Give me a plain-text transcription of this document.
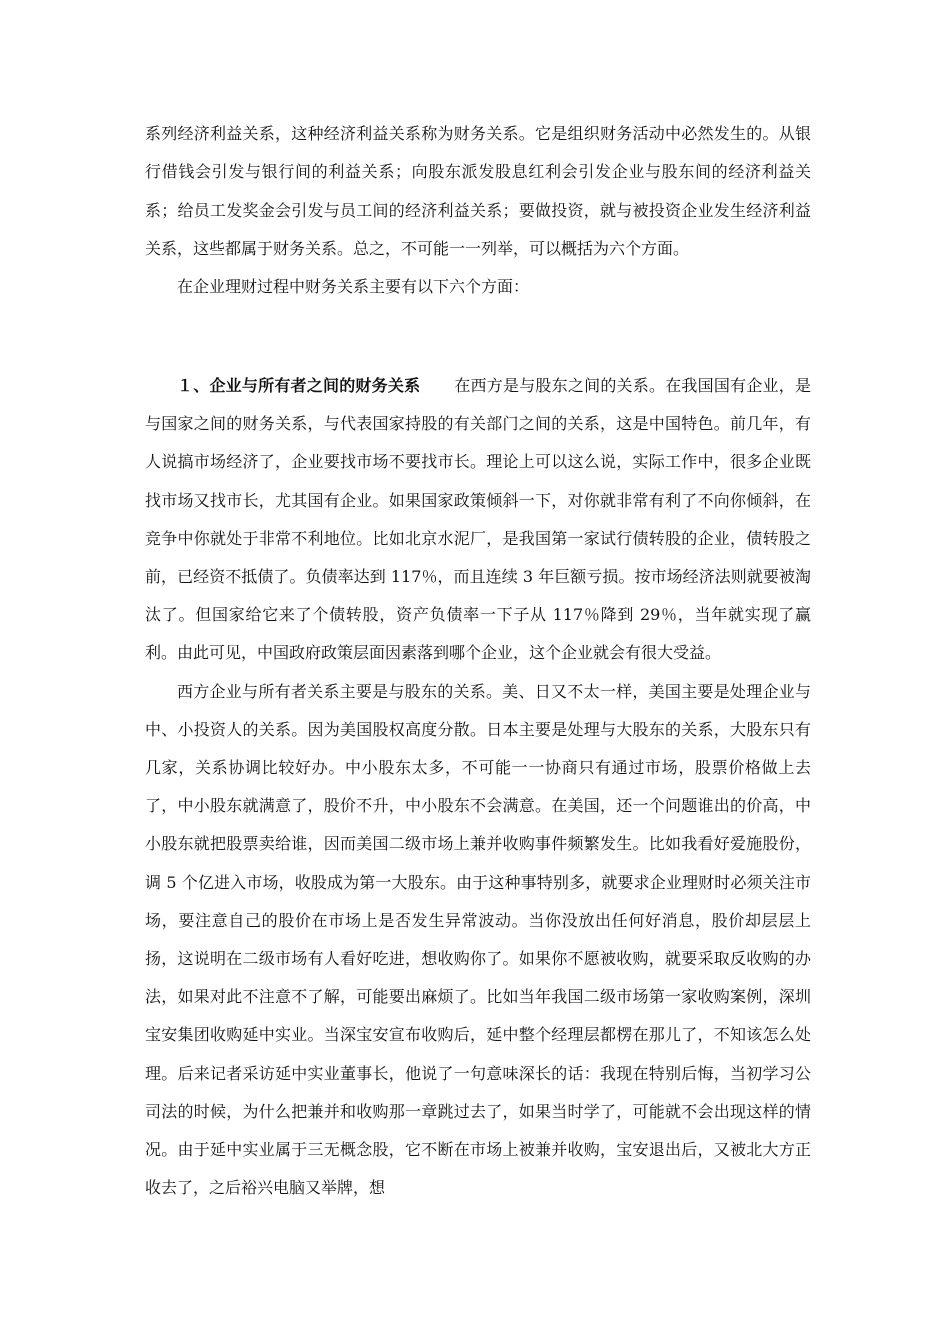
系列经济利益关系，这种经济利益关系称为财务关系。它是组织财务活动中必然发生的。从银行借钱会引发与银行间的利益关系；向股东派发股息红利会引发企业与股东间的经济利益关系；给员工发奖金会引发与员工间的经济利益关系；要做投资，就与被投资企业发生经济利益关系，这些都属于财务关系。总之，不可能一一列举，可以概括为六个方面。

在企业理财过程中财务关系主要有以下六个方面：

１、企业与所有者之间的财务关系 在西方是与股东之间的关系。在我国国有企业，是与国家之间的财务关系，与代表国家持股的有关部门之间的关系，这是中国特色。前几年，有人说搞市场经济了，企业要找市场不要找市长。理论上可以这么说，实际工作中，很多企业既找市场又找市长，尤其国有企业。如果国家政策倾斜一下，对你就非常有利了不向你倾斜，在竞争中你就处于非常不利地位。比如北京水泥厂，是我国第一家试行债转股的企业，债转股之前，已经资不抵债了。负债率达到 117％，而且连续 3 年巨额亏损。按市场经济法则就要被淘汰了。但国家给它来了个债转股，资产负债率一下子从 117％降到 29％，当年就实现了赢利。由此可见，中国政府政策层面因素落到哪个企业，这个企业就会有很大受益。

西方企业与所有者关系主要是与股东的关系。美、日又不太一样，美国主要是处理企业与中、小投资人的关系。因为美国股权高度分散。日本主要是处理与大股东的关系，大股东只有几家，关系协调比较好办。中小股东太多，不可能一一协商只有通过市场，股票价格做上去了，中小股东就满意了，股价不升，中小股东不会满意。在美国，还一个问题谁出的价高，中小股东就把股票卖给谁，因而美国二级市场上兼并收购事件频繁发生。比如我看好爱施股份，调 5 个亿进入市场，收股成为第一大股东。由于这种事特别多，就要求企业理财时必须关注市场，要注意自己的股价在市场上是否发生异常波动。当你没放出任何好消息，股价却层层上扬，这说明在二级市场有人看好吃进，想收购你了。如果你不愿被收购，就要采取反收购的办法，如果对此不注意不了解，可能要出麻烦了。比如当年我国二级市场第一家收购案例，深圳宝安集团收购延中实业。当深宝安宣布收购后，延中整个经理层都楞在那儿了，不知该怎么处理。后来记者采访延中实业董事长，他说了一句意味深长的话：我现在特别后悔，当初学习公司法的时候，为什么把兼并和收购那一章跳过去了，如果当时学了，可能就不会出现这样的情况。由于延中实业属于三无概念股，它不断在市场上被兼并收购，宝安退出后，又被北大方正收去了，之后裕兴电脑又举牌，想
